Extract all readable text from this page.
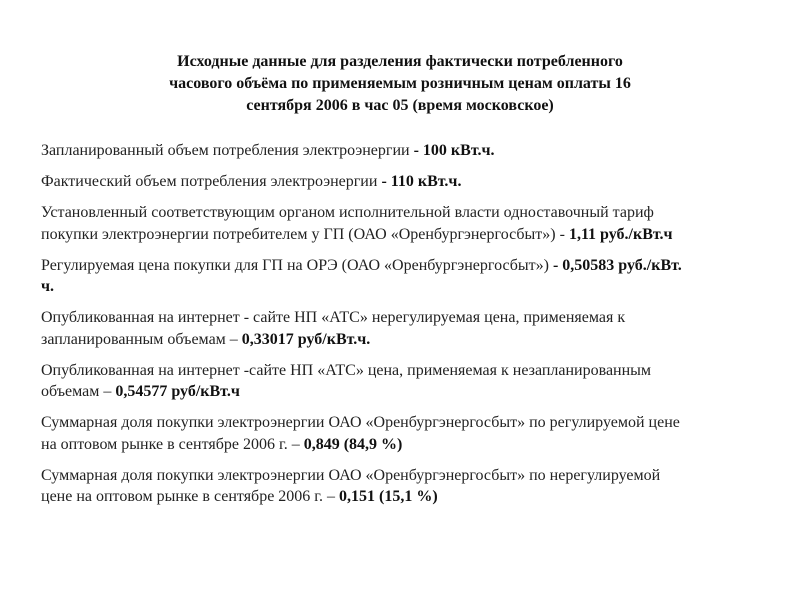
Исходные данные для разделения фактически потребленного
часового объёма по применяемым розничным ценам оплаты 16
сентября 2006 в час 05 (время московское)

Запланированный объем потребления электроэнергии - 100 кВт.ч.

Фактический объем потребления электроэнергии - 110 кВт.ч.

Установленный соответствующим органом исполнительной власти одноставочный тариф
покупки электроэнергии потребителем у ГП (ОАО «Оренбургэнергосбыт») - 1,11 руб./кВт.ч

Регулируемая цена покупки для ГП на ОРЭ (ОАО «Оренбургэнергосбыт») - 0,50583 руб./кВт.
ч.

Опубликованная на интернет - сайте НП «АТС» нерегулируемая цена, применяемая к
запланированным объемам – 0,33017 руб/кВт.ч.

Опубликованная на интернет -сайте НП «АТС» цена, применяемая к незапланированным
объемам – 0,54577 руб/кВт.ч

Суммарная доля покупки электроэнергии ОАО «Оренбургэнергосбыт» по регулируемой цене
на оптовом рынке в сентябре 2006 г. – 0,849 (84,9 %)

Суммарная доля покупки электроэнергии ОАО «Оренбургэнергосбыт» по нерегулируемой
цене на оптовом рынке в сентябре 2006 г. – 0,151 (15,1 %)
